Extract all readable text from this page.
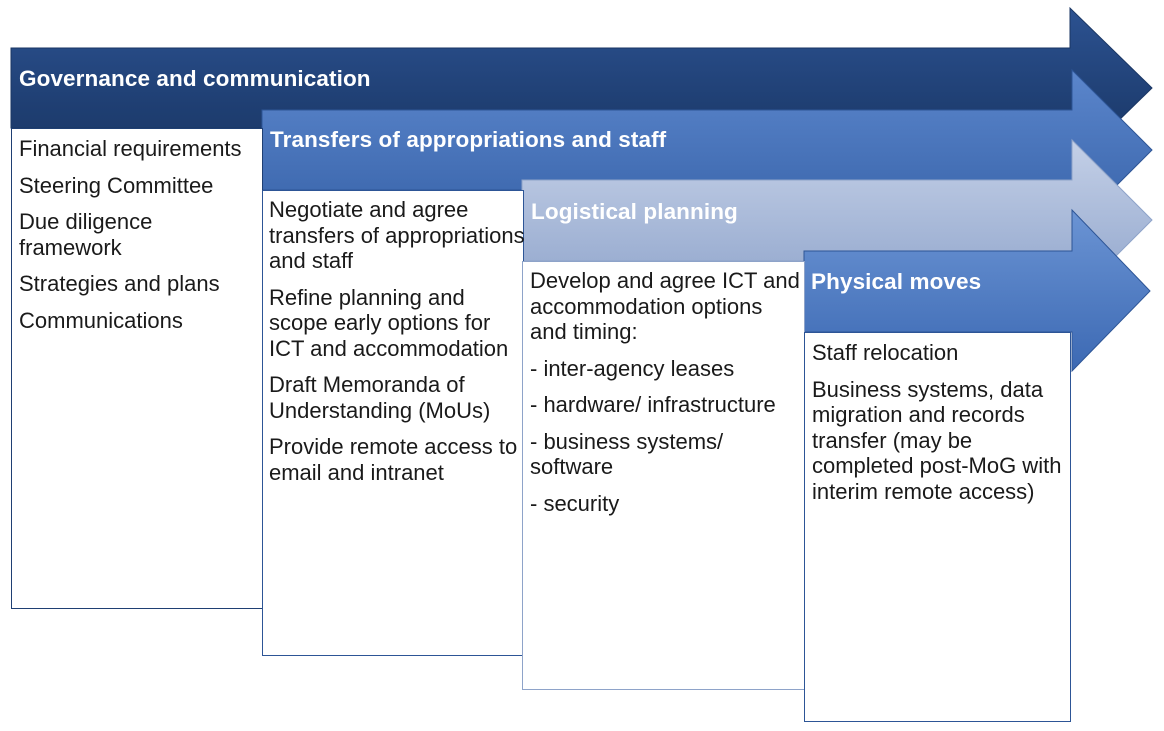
Governance and communication
Transfers of appropriations and staff
Logistical planning
Physical moves
Financial requirements
Steering Committee
Due diligence framework
Strategies and plans
Communications
Negotiate and agree transfers of appropriations and staff
Refine planning and scope early options for ICT and accommodation
Draft Memoranda of Understanding (MoUs)
Provide remote access to email and intranet
Develop and agree ICT and accommodation options and timing:
- inter-agency leases
- hardware/ infrastructure
- business systems/ software
- security
Staff relocation
Business systems, data migration and records transfer (may be completed post-MoG with interim remote access)
